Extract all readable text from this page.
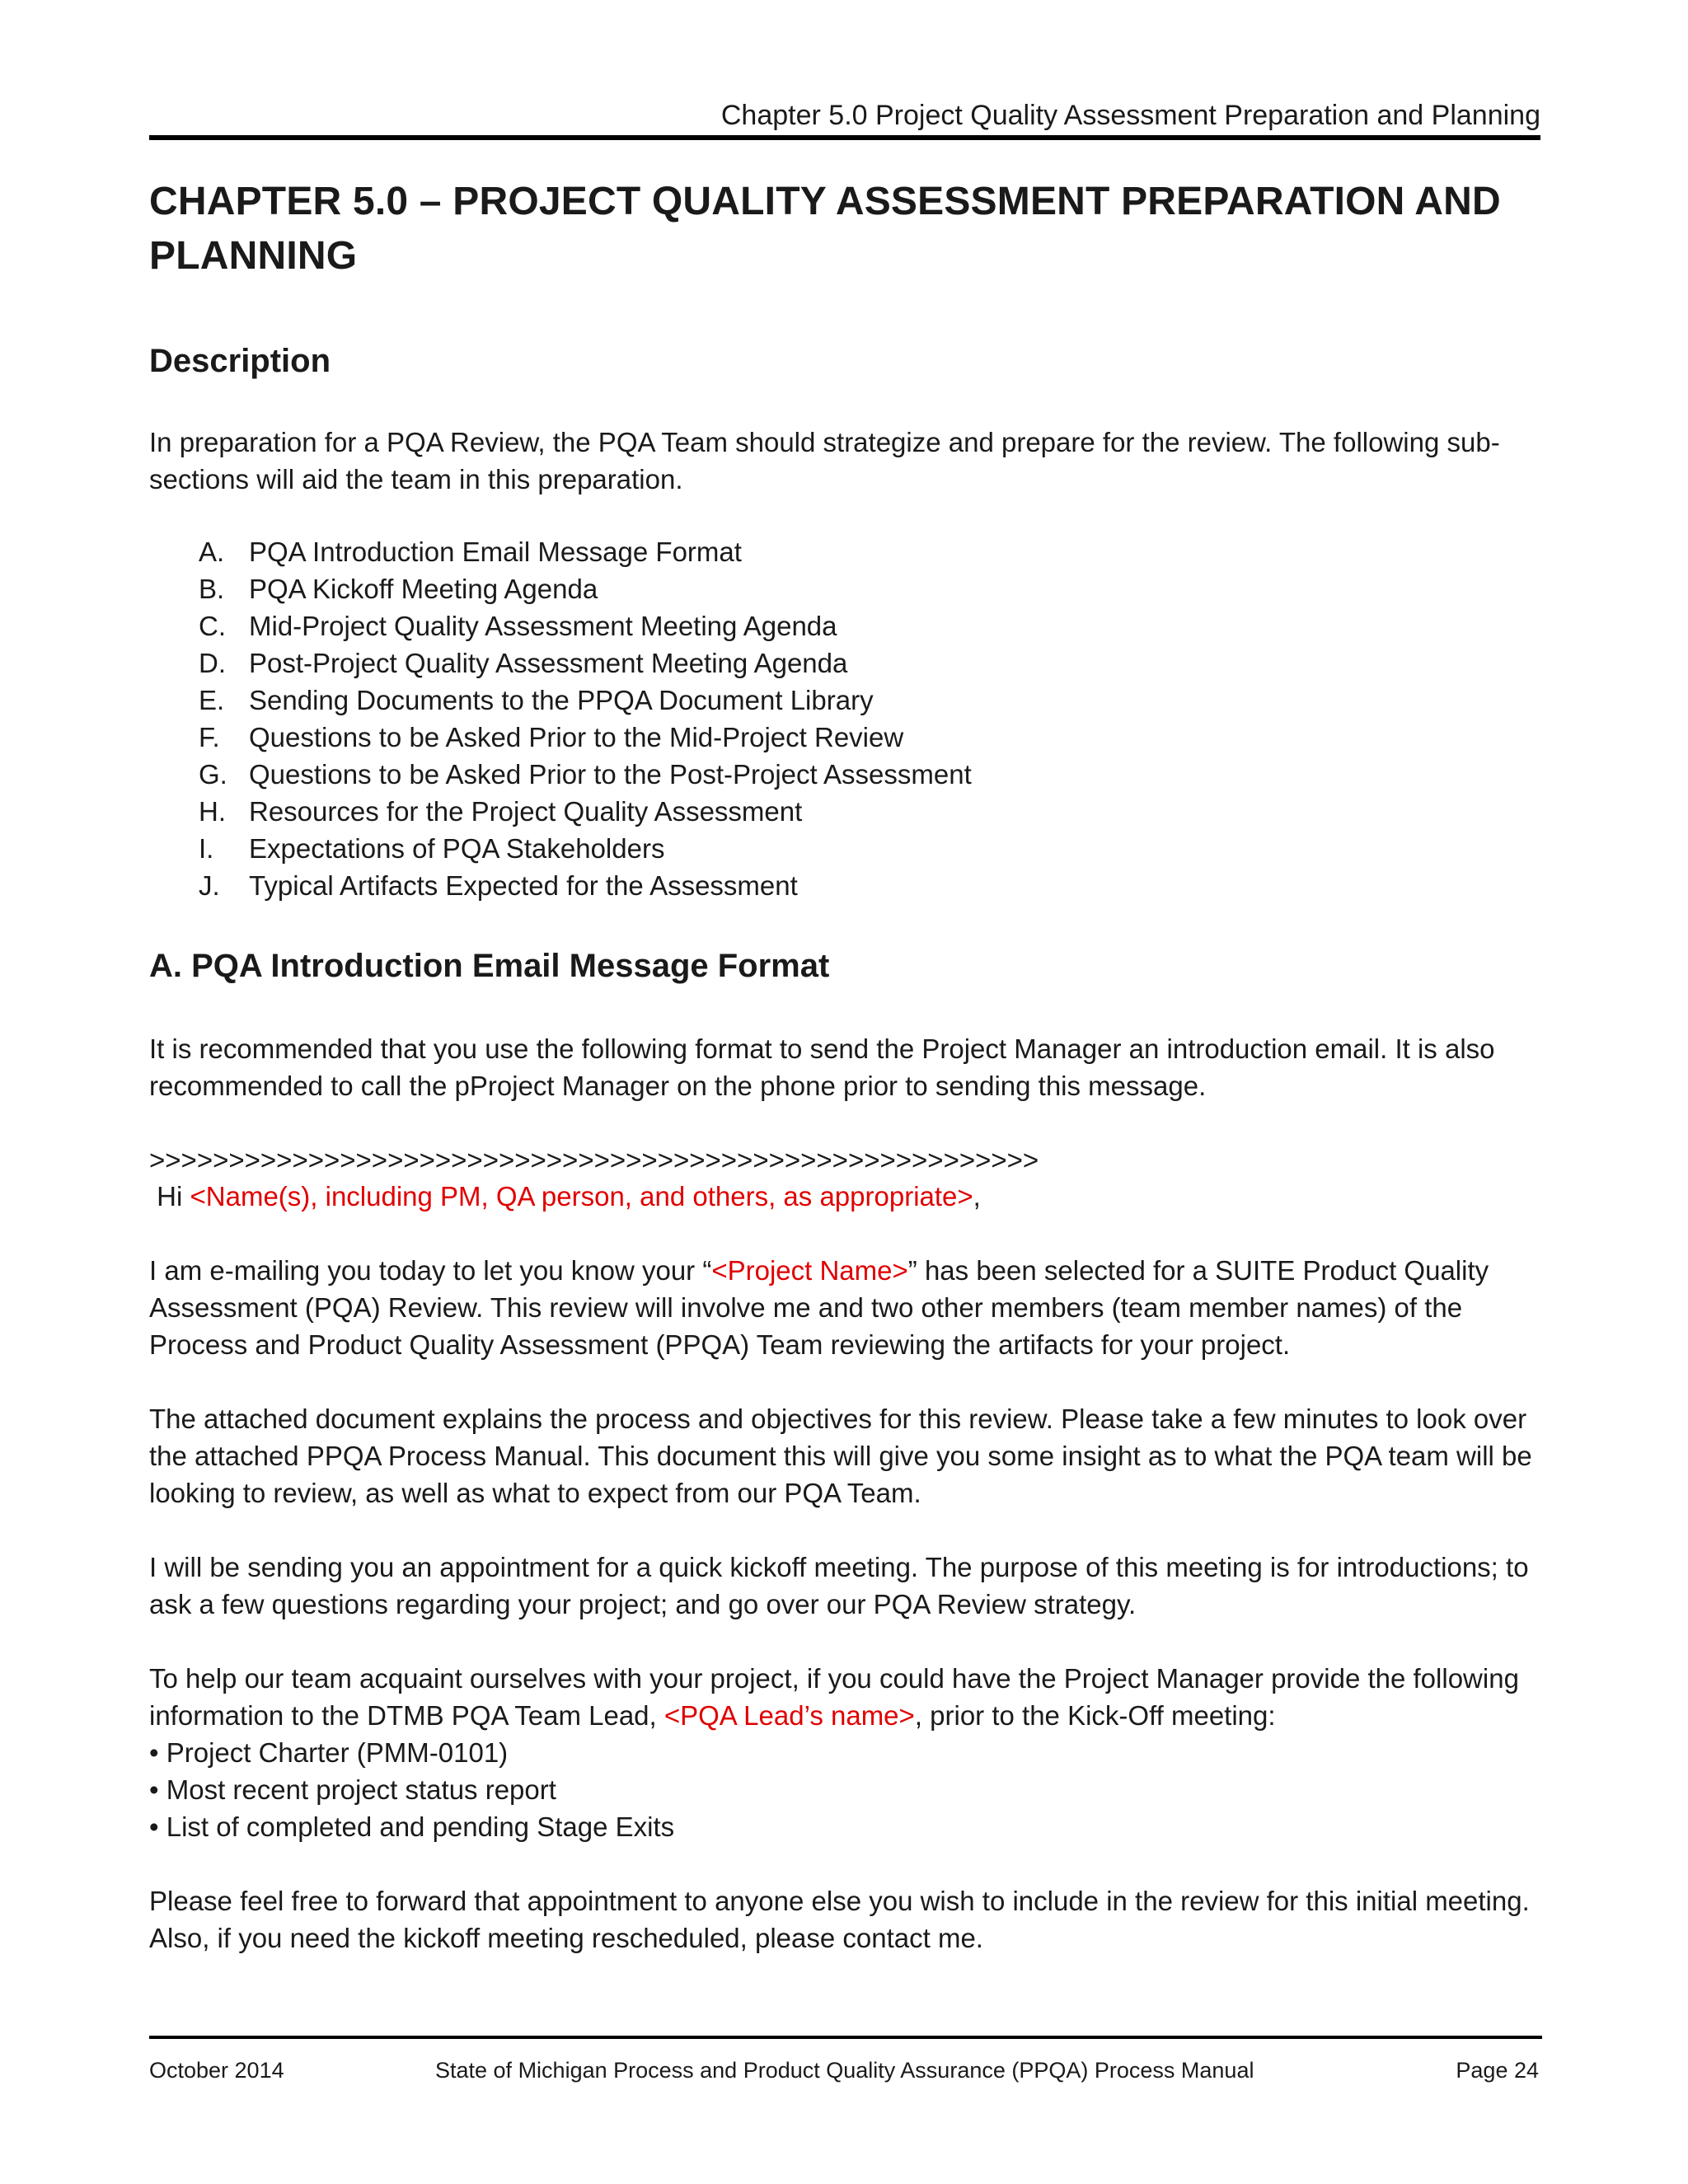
Chapter 5.0 Project Quality Assessment Preparation and Planning
CHAPTER 5.0 – PROJECT QUALITY ASSESSMENT PREPARATION AND PLANNING
Description

In preparation for a PQA Review, the PQA Team should strategize and prepare for the review. The following sub-sections will aid the team in this preparation.

A. PQA Introduction Email Message Format
B. PQA Kickoff Meeting Agenda
C. Mid-Project Quality Assessment Meeting Agenda
D. Post-Project Quality Assessment Meeting Agenda
E. Sending Documents to the PPQA Document Library
F. Questions to be Asked Prior to the Mid-Project Review
G. Questions to be Asked Prior to the Post-Project Assessment
H. Resources for the Project Quality Assessment
I. Expectations of PQA Stakeholders
J. Typical Artifacts Expected for the Assessment
A. PQA Introduction Email Message Format

It is recommended that you use the following format to send the Project Manager an introduction email. It is also recommended to call the pProject Manager on the phone prior to sending this message.

>>>>>>>>>>>>>>>>>>>>>>>>>>>>>>>>>>>>>>>>>>>>>>>>>>>>>>>>

Hi <Name(s), including PM, QA person, and others, as appropriate>,

I am e-mailing you today to let you know your “<Project Name>” has been selected for a SUITE Product Quality Assessment (PQA) Review. This review will involve me and two other members (team member names) of the Process and Product Quality Assessment (PPQA) Team reviewing the artifacts for your project.

The attached document explains the process and objectives for this review. Please take a few minutes to look over the attached PPQA Process Manual. This document this will give you some insight as to what the PQA team will be looking to review, as well as what to expect from our PQA Team.

I will be sending you an appointment for a quick kickoff meeting. The purpose of this meeting is for introductions; to ask a few questions regarding your project; and go over our PQA Review strategy.

To help our team acquaint ourselves with your project, if you could have the Project Manager provide the following information to the DTMB PQA Team Lead, <PQA Lead’s name>, prior to the Kick-Off meeting:
• Project Charter (PMM-0101)
• Most recent project status report
• List of completed and pending Stage Exits

Please feel free to forward that appointment to anyone else you wish to include in the review for this initial meeting. Also, if you need the kickoff meeting rescheduled, please contact me.

October 2014	State of Michigan Process and Product Quality Assurance (PPQA) Process Manual	Page 24
